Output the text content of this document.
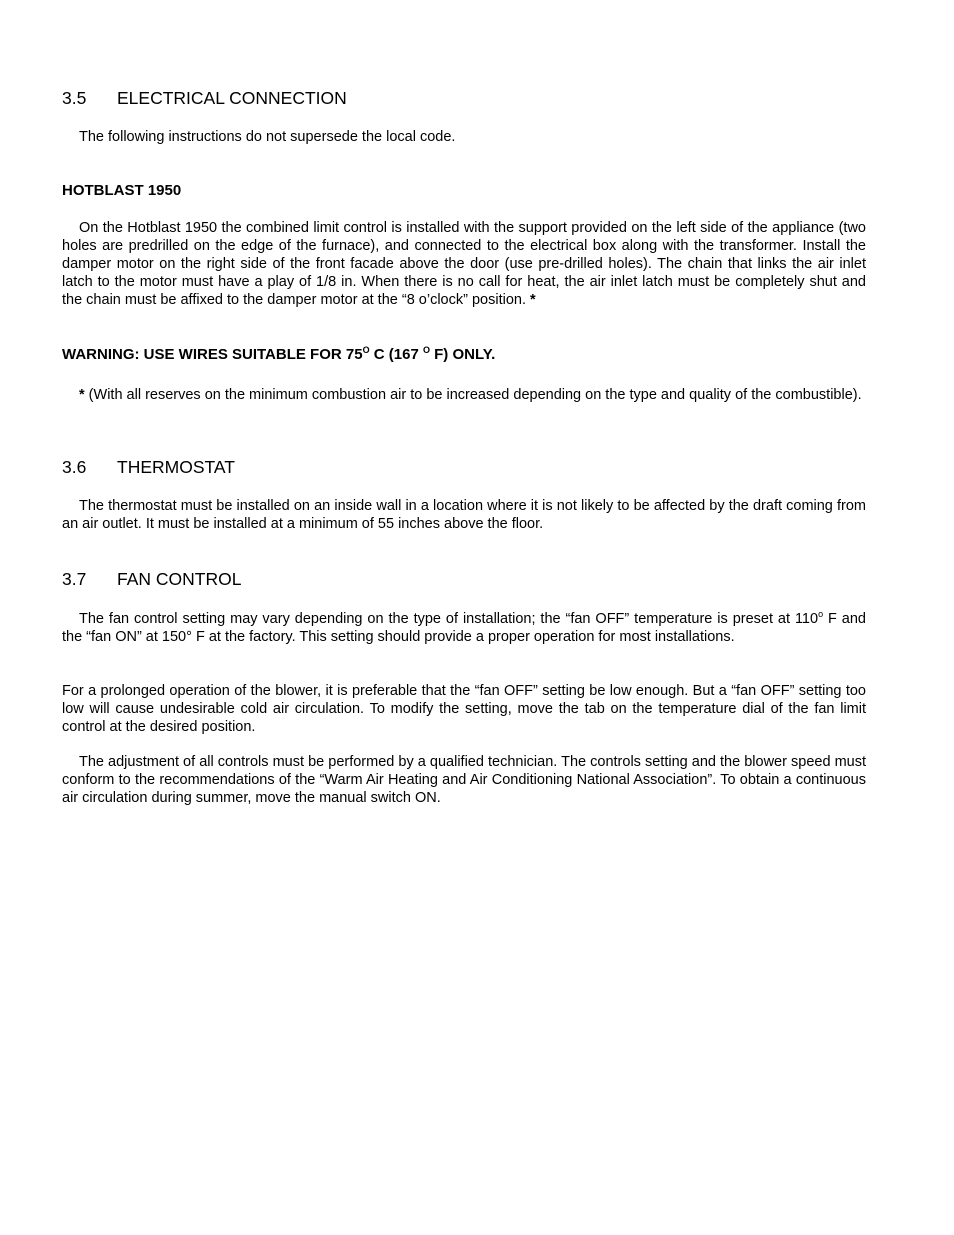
3.5 ELECTRICAL CONNECTION
The following instructions do not supersede the local code.
HOTBLAST 1950
On the Hotblast 1950 the combined limit control is installed with the support provided on the left side of the appliance (two holes are predrilled on the edge of the furnace), and connected to the electrical box along with the transformer. Install the damper motor on the right side of the front facade above the door (use pre-drilled holes). The chain that links the air inlet latch to the motor must have a play of 1/8 in. When there is no call for heat, the air inlet latch must be completely shut and the chain must be affixed to the damper motor at the “8 o’clock” position. *
WARNING: USE WIRES SUITABLE FOR $75^O$ C (167 $^O$ F) ONLY.
* (With all reserves on the minimum combustion air to be increased depending on the type and quality of the combustible).
3.6 THERMOSTAT
The thermostat must be installed on an inside wall in a location where it is not likely to be affected by the draft coming from an air outlet. It must be installed at a minimum of 55 inches above the floor.
3.7 FAN CONTROL
The fan control setting may vary depending on the type of installation; the “fan OFF” temperature is preset at 110$^o$ F and the “fan ON” at 150° F at the factory. This setting should provide a proper operation for most installations.
For a prolonged operation of the blower, it is preferable that the “fan OFF” setting be low enough. But a “fan OFF” setting too low will cause undesirable cold air circulation. To modify the setting, move the tab on the temperature dial of the fan limit control at the desired position.
The adjustment of all controls must be performed by a qualified technician. The controls setting and the blower speed must conform to the recommendations of the “Warm Air Heating and Air Conditioning National Association”. To obtain a continuous air circulation during summer, move the manual switch ON.
